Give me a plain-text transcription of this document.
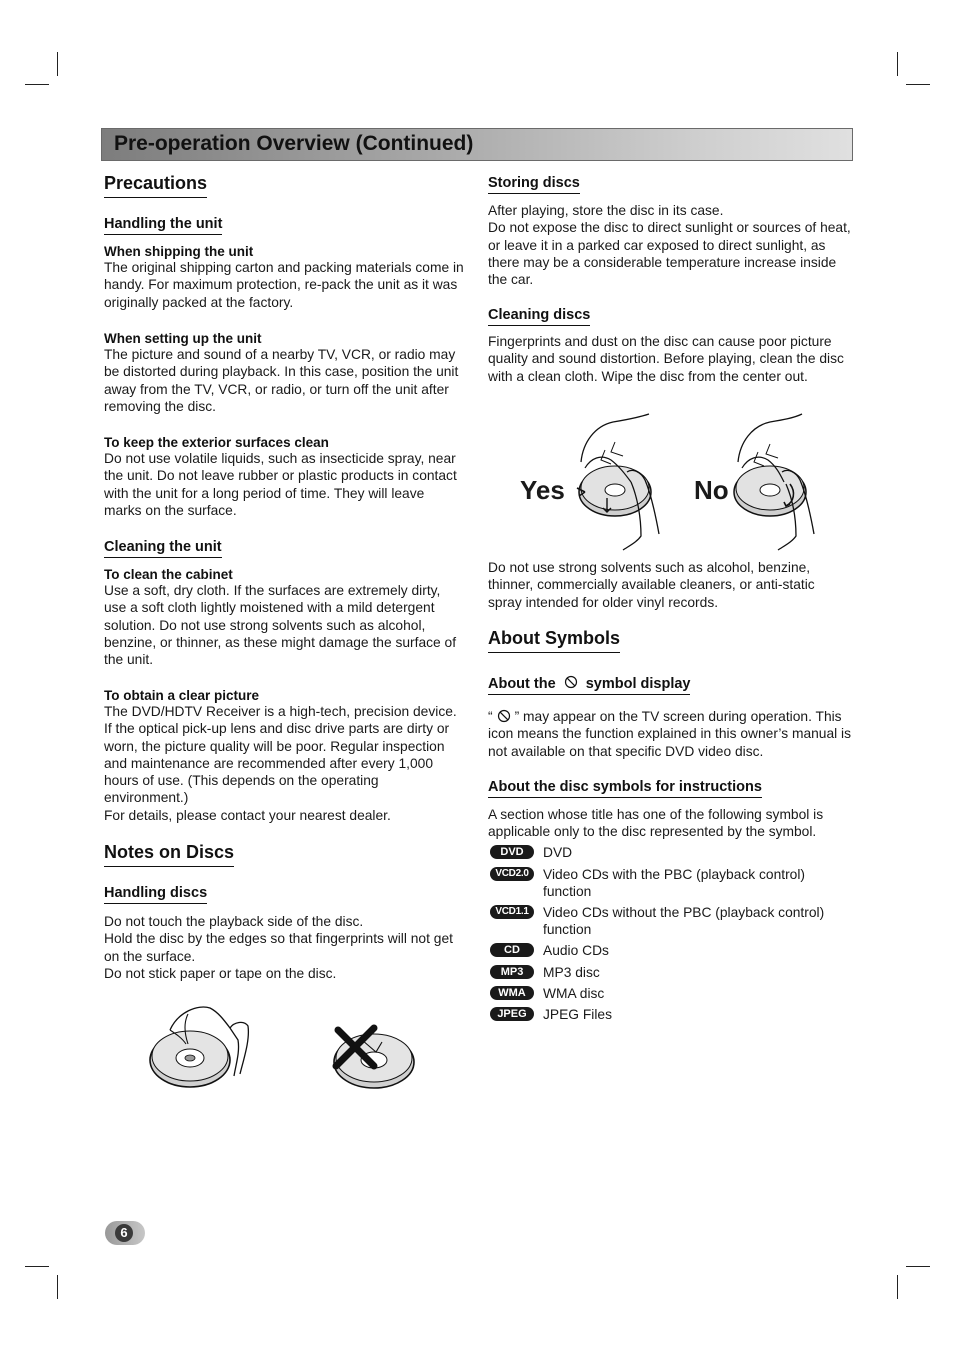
Pre-operation Overview (Continued)
Precautions
Handling the unit

When shipping the unit

The original shipping carton and packing materials come in handy. For maximum protection, re-pack the unit as it was originally packed at the factory.

When setting up the unit

The picture and sound of a nearby TV, VCR, or radio may be distorted during playback. In this case, position the unit away from the TV, VCR, or radio, or turn off the unit after removing the disc.

To keep the exterior surfaces clean

Do not use volatile liquids, such as insecticide spray, near the unit. Do not leave rubber or plastic products in contact with the unit for a long period of time. They will leave marks on the surface.

Cleaning the unit

To clean the cabinet

Use a soft, dry cloth. If the surfaces are extremely dirty, use a soft cloth lightly moistened with a mild detergent solution. Do not use strong solvents such as alcohol, benzine, or thinner, as these might damage the surface of the unit.

To obtain a clear picture

The DVD/HDTV Receiver is a high-tech, precision device. If the optical pick-up lens and disc drive parts are dirty or worn, the picture quality will be poor. Regular inspection and maintenance are recommended after every 1,000 hours of use. (This depends on the operating environment.)

For details, please contact your nearest dealer.

Notes on Discs
Handling discs

Do not touch the playback side of the disc.

Hold the disc by the edges so that fingerprints will not get on the surface.

Do not stick paper or tape on the disc.

Storing discs

After playing, store the disc in its case.

Do not expose the disc to direct sunlight or sources of heat, or leave it in a parked car exposed to direct sunlight, as there may be a considerable temperature increase inside the car.

Cleaning discs

Fingerprints and dust on the disc can cause poor picture quality and sound distortion. Before playing, clean the disc with a clean cloth. Wipe the disc from the center out.

Yes	No

Do not use strong solvents such as alcohol, benzine, thinner, commercially available cleaners, or anti-static spray intended for older vinyl records.

About Symbols
About the symbol display

“ ” may appear on the TV screen during operation. This icon means the function explained in this owner’s manual is not available on that specific DVD video disc.

About the disc symbols for instructions

A section whose title has one of the following symbol is applicable only to the disc represented by the symbol.

DVD	DVD
VCD2.0	Video CDs with the PBC (playback control) function
VCD1.1	Video CDs without the PBC (playback control) function
CD	Audio CDs
MP3	MP3 disc
WMA	WMA disc
JPEG	JPEG Files
6
